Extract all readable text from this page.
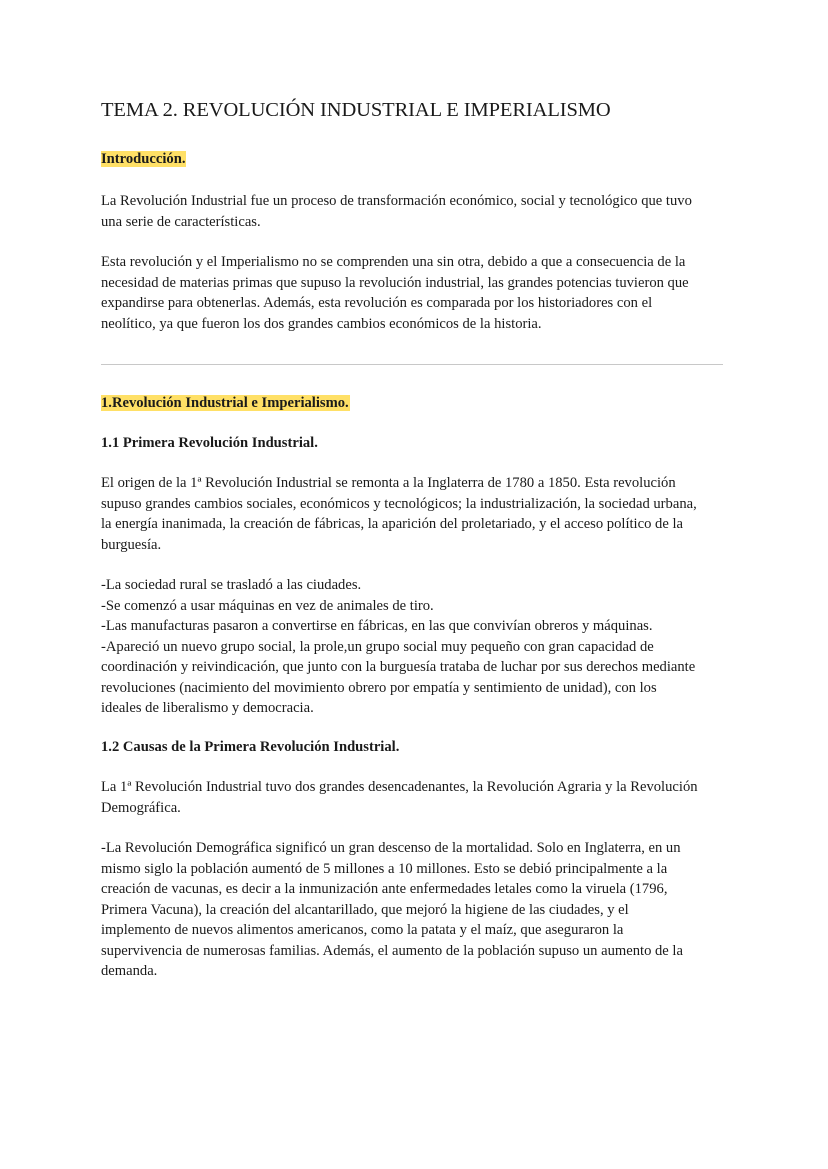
TEMA 2. REVOLUCIÓN INDUSTRIAL E IMPERIALISMO
Introducción.
La Revolución Industrial fue un proceso de transformación económico, social y tecnológico que tuvo
una serie de características.
Esta revolución y el Imperialismo no se comprenden una sin otra, debido a que a consecuencia de la
necesidad de materias primas que supuso la revolución industrial, las grandes potencias tuvieron que
expandirse para obtenerlas. Además, esta revolución es comparada por los historiadores con el
neolítico, ya que fueron los dos grandes cambios económicos de la historia.
1.Revolución Industrial e Imperialismo.
1.1 Primera Revolución Industrial.
El origen de la 1ª Revolución Industrial se remonta a la Inglaterra de 1780 a 1850. Esta revolución
supuso grandes cambios sociales, económicos y tecnológicos; la industrialización, la sociedad urbana,
la energía inanimada, la creación de fábricas, la aparición del proletariado, y el acceso político de la
burguesía.
-La sociedad rural se trasladó a las ciudades.
-Se comenzó a usar máquinas en vez de animales de tiro.
-Las manufacturas pasaron a convertirse en fábricas, en las que convivían obreros y máquinas.
-Apareció un nuevo grupo social, la prole,un grupo social muy pequeño con gran capacidad de
coordinación y reivindicación, que junto con la burguesía trataba de luchar por sus derechos mediante
revoluciones (nacimiento del movimiento obrero por empatía y sentimiento de unidad), con los
ideales de liberalismo y democracia.
1.2 Causas de la Primera Revolución Industrial.
La 1ª Revolución Industrial tuvo dos grandes desencadenantes, la Revolución Agraria y la Revolución
Demográfica.
-La Revolución Demográfica significó un gran descenso de la mortalidad. Solo en Inglaterra, en un
mismo siglo la población aumentó de 5 millones a 10 millones. Esto se debió principalmente a la
creación de vacunas, es decir a la inmunización ante enfermedades letales como la viruela (1796,
Primera Vacuna), la creación del alcantarillado, que mejoró la higiene de las ciudades, y el
implemento de nuevos alimentos americanos, como la patata y el maíz, que aseguraron la
supervivencia de numerosas familias. Además, el aumento de la población supuso un aumento de la
demanda.
